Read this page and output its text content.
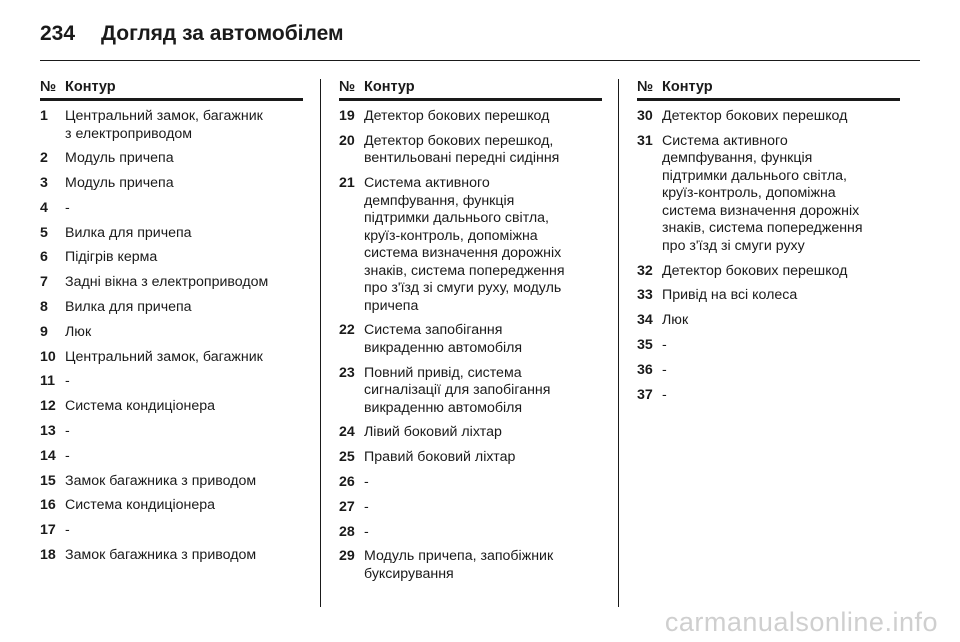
234 Догляд за автомобілем
№ Контур
1	Центральний замок, багажник
з електроприводом
2	Модуль причепа
3	Модуль причепа
4	-
5	Вилка для причепа
6	Підігрів керма
7	Задні вікна з електроприводом
8	Вилка для причепа
9	Люк
10 Центральний замок, багажник
11 -
12 Система кондиціонера
13 -
14 -
15 Замок багажника з приводом
16 Система кондиціонера
17 -
18 Замок багажника з приводом
№ Контур
19 Детектор бокових перешкод
20 Детектор бокових перешкод,
вентильовані передні сидіння
21 Система активного
демпфування, функція
підтримки дальнього світла,
круїз-контроль, допоміжна
система визначення дорожніх
знаків, система попередження
про з'їзд зі смуги руху, модуль
причепа
22 Система запобігання
викраденню автомобіля
23 Повний привід, система
сигналізації для запобігання
викраденню автомобіля
24 Лівий боковий ліхтар
25 Правий боковий ліхтар
26 -
27 -
28 -
29 Модуль причепа, запобіжник
буксирування
№ Контур
30 Детектор бокових перешкод
31 Система активного
демпфування, функція
підтримки дальнього світла,
круїз-контроль, допоміжна
система визначення дорожніх
знаків, система попередження
про з'їзд зі смуги руху
32 Детектор бокових перешкод
33 Привід на всі колеса
34 Люк
35 -
36 -
37 -
carmanualsonline.info
